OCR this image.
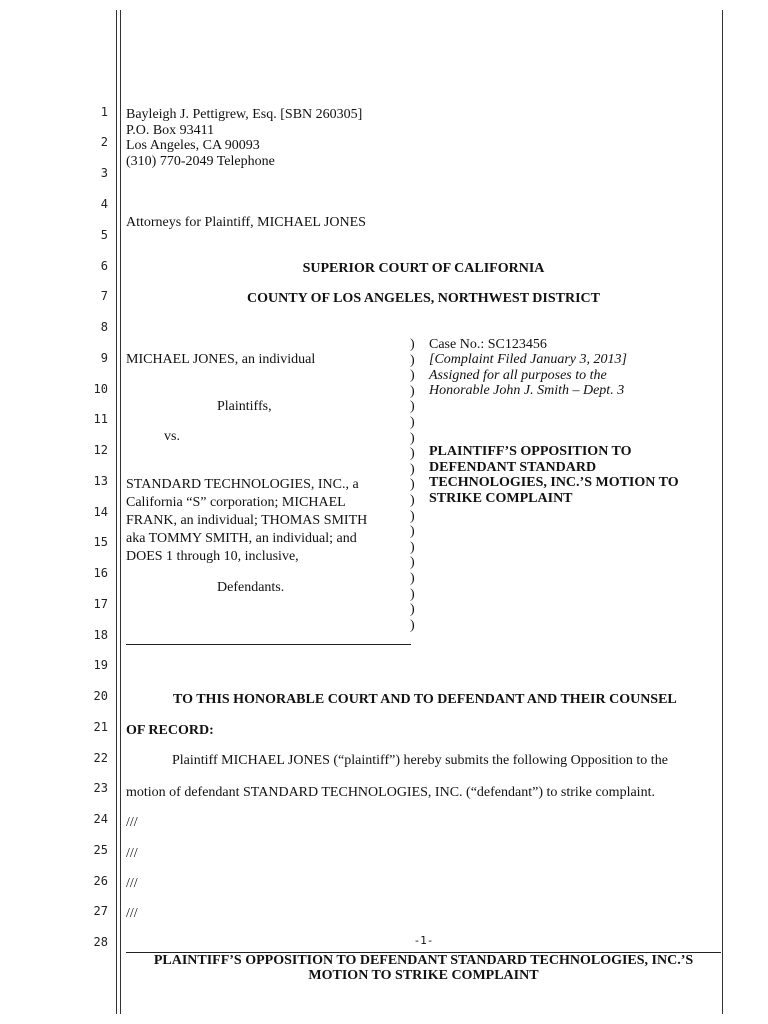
1
2
3
4
5
6
7
8
9
10
11
12
13
14
15
16
17
18
19
20
21
22
23
24
25
26
27
28
Bayleigh J. Pettigrew, Esq. [SBN 260305]
P.O. Box 93411
Los Angeles, CA 90093
(310) 770-2049 Telephone
Attorneys for Plaintiff, MICHAEL JONES
SUPERIOR COURT OF CALIFORNIA
COUNTY OF LOS ANGELES, NORTHWEST DISTRICT
MICHAEL JONES, an individual
Plaintiffs,
vs.
STANDARD TECHNOLOGIES, INC., a
California “S” corporation; MICHAEL
FRANK, an individual; THOMAS SMITH
aka TOMMY SMITH, an individual; and
DOES 1 through 10, inclusive,
Defendants.
)
)
)
)
)
)
)
)
)
)
)
)
)
)
)
)
)
)
)
Case No.: SC123456
[Complaint Filed January 3, 2013]
Assigned for all purposes to the
Honorable John J. Smith – Dept. 3
PLAINTIFF’S OPPOSITION TO
DEFENDANT STANDARD
TECHNOLOGIES, INC.’S MOTION TO
STRIKE COMPLAINT
TO THIS HONORABLE COURT AND TO DEFENDANT AND THEIR COUNSEL
OF RECORD:
Plaintiff MICHAEL JONES (“plaintiff”) hereby submits the following Opposition to the
motion of defendant STANDARD TECHNOLOGIES, INC. (“defendant”) to strike complaint.
///
///
///
///
-1-
PLAINTIFF’S OPPOSITION TO DEFENDANT STANDARD TECHNOLOGIES, INC.’S
MOTION TO STRIKE COMPLAINT
